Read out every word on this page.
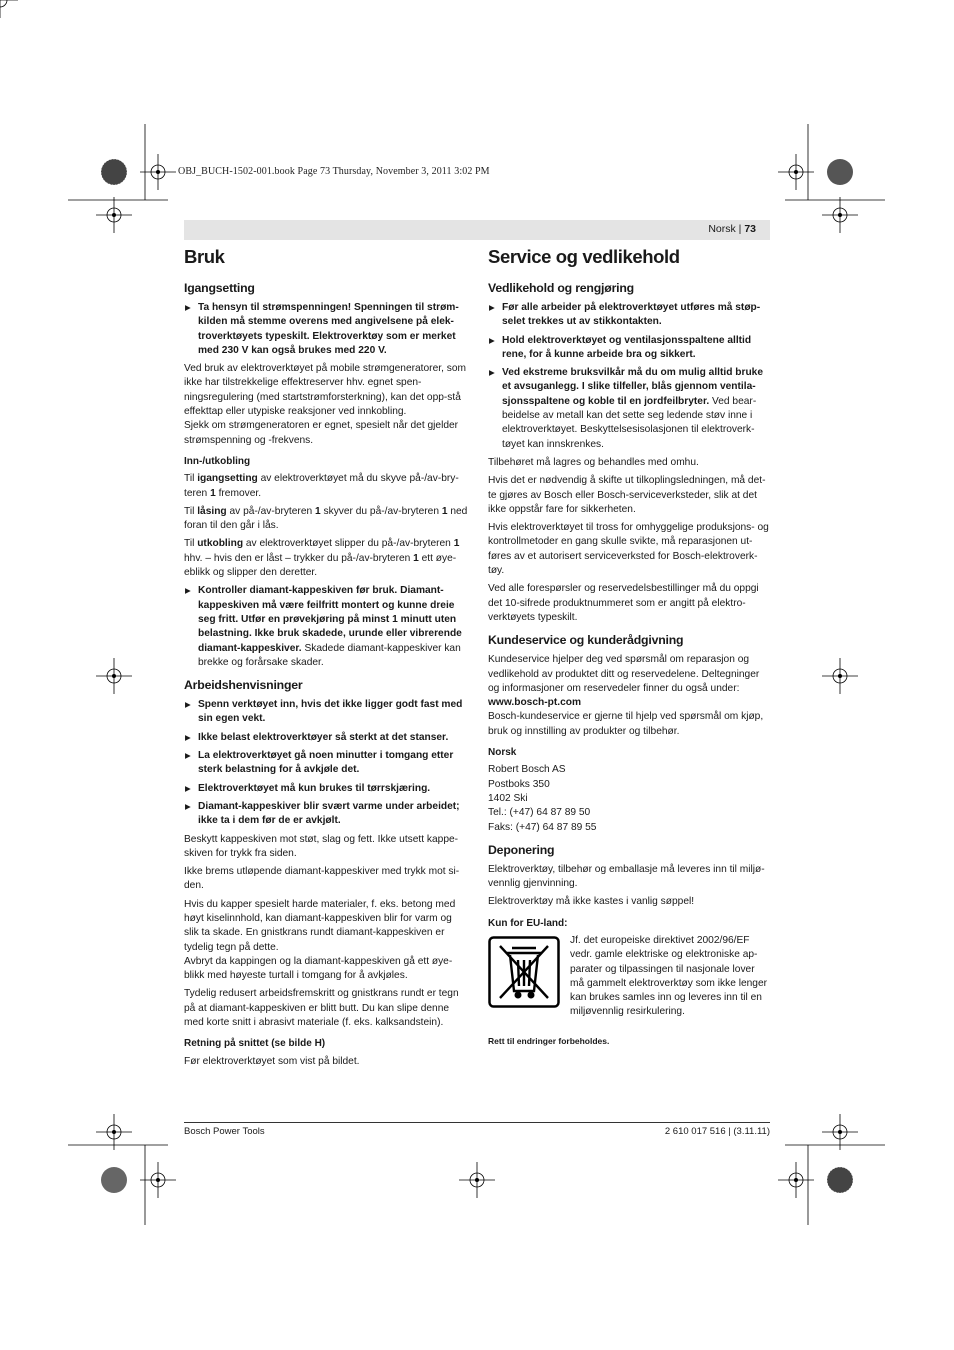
OBJ_BUCH-1502-001.book Page 73 Thursday, November 3, 2011 3:02 PM
Norsk | 73
Bruk
Igangsetting
▶ Ta hensyn til strømspenningen! Spenningen til strøm-kilden må stemme overens med angivelsene på elek-troverktøyets typeskilt. Elektroverktøy som er merket med 230 V kan også brukes med 220 V.

Ved bruk av elektroverktøyet på mobile strømgeneratorer, som ikke har tilstrekkelige effektreserver hhv. egnet spen-ningsregulering (med startstrømforsterkning), kan det opp-stå effekttap eller utypiske reaksjoner ved innkobling.

Sjekk om strømgeneratoren er egnet, spesielt når det gjelder strømspenning og -frekvens.

Inn-/utkobling

Til igangsetting av elektroverktøyet må du skyve på-/av-bry-teren 1 fremover.

Til låsing av på-/av-bryteren 1 skyver du på-/av-bryteren 1 ned foran til den går i lås.

Til utkobling av elektroverktøyet slipper du på-/av-bryteren 1 hhv. – hvis den er låst – trykker du på-/av-bryteren 1 ett øye-eblikk og slipper den deretter.

▶ Kontroller diamant-kappeskiven før bruk. Diamant-kappeskiven må være feilfritt montert og kunne dreie seg fritt. Utfør en prøvekjøring på minst 1 minutt uten belastning. Ikke bruk skadede, urunde eller vibrerende diamant-kappeskiver. Skadede diamant-kappeskiver kan brekke og forårsake skader.
Arbeidshenvisninger
▶ Spenn verktøyet inn, hvis det ikke ligger godt fast med sin egen vekt.
▶ Ikke belast elektroverktøyer så sterkt at det stanser.
▶ La elektroverktøyet gå noen minutter i tomgang etter sterk belastning for å avkjøle det.
▶ Elektroverktøyet må kun brukes til tørrskjæring.
▶ Diamant-kappeskiver blir svært varme under arbeidet; ikke ta i dem før de er avkjølt.

Beskytt kappeskiven mot støt, slag og fett. Ikke utsett kappe-skiven for trykk fra siden.

Ikke brems utløpende diamant-kappeskiver med trykk mot si-den.

Hvis du kapper spesielt harde materialer, f. eks. betong med høyt kiselinnhold, kan diamant-kappeskiven blir for varm og slik ta skade. En gnistkrans rundt diamant-kappeskiven er tydelig tegn på dette.

Avbryt da kappingen og la diamant-kappeskiven gå ett øye-blikk med høyeste turtall i tomgang for å avkjøles.

Tydelig redusert arbeidsfremskritt og gnistkrans rundt er tegn på at diamant-kappeskiven er blitt butt. Du kan slipe denne med korte snitt i abrasivt materiale (f. eks. kalksandstein).

Retning på snittet (se bilde H)

Før elektroverktøyet som vist på bildet.

Service og vedlikehold
Vedlikehold og rengjøring
▶ Før alle arbeider på elektroverktøyet utføres må støp-selet trekkes ut av stikkontakten.
▶ Hold elektroverktøyet og ventilasjonsspaltene alltid rene, for å kunne arbeide bra og sikkert.
▶ Ved ekstreme bruksvilkår må du om mulig alltid bruke et avsuganlegg. I slike tilfeller, blås gjennom ventila-sjonsspaltene og koble til en jordfeilbryter. Ved bear-beidelse av metall kan det sette seg ledende støv inne i elektroverktøyet. Beskyttelsesisolasjonen til elektroverk-tøyet kan innskrenkes.

Tilbehøret må lagres og behandles med omhu.

Hvis det er nødvendig å skifte ut tilkoplingsledningen, må det-te gjøres av Bosch eller Bosch-serviceverksteder, slik at det ikke oppstår fare for sikkerheten.

Hvis elektroverktøyet til tross for omhyggelige produksjons- og kontrollmetoder en gang skulle svikte, må reparasjonen ut-føres av et autorisert serviceverksted for Bosch-elektroverk-tøy.

Ved alle forespørsler og reservedelsbestillinger må du oppgi det 10-sifrede produktnummeret som er angitt på elektro-verktøyets typeskilt.

Kundeservice og kunderådgivning

Kundeservice hjelper deg ved spørsmål om reparasjon og vedlikehold av produktet ditt og reservedelene. Deltegninger og informasjoner om reservedeler finner du også under:

www.bosch-pt.com

Bosch-kundeservice er gjerne til hjelp ved spørsmål om kjøp, bruk og innstilling av produkter og tilbehør.

Norsk

Robert Bosch AS

Postboks 350

1402 Ski

Tel.: (+47) 64 87 89 50

Faks: (+47) 64 87 89 55

Deponering

Elektroverktøy, tilbehør og emballasje må leveres inn til miljø-vennlig gjenvinning.

Elektroverktøy må ikke kastes i vanlig søppel!

Kun for EU-land:

Jf. det europeiske direktivet 2002/96/EF vedr. gamle elektriske og elektroniske ap-parater og tilpassingen til nasjonale lover må gammelt elektroverktøy som ikke lenger kan brukes samles inn og leveres inn til en miljøvennlig resirkulering.

Rett til endringer forbeholdes.
Bosch Power Tools	2 610 017 516 | (3.11.11)
